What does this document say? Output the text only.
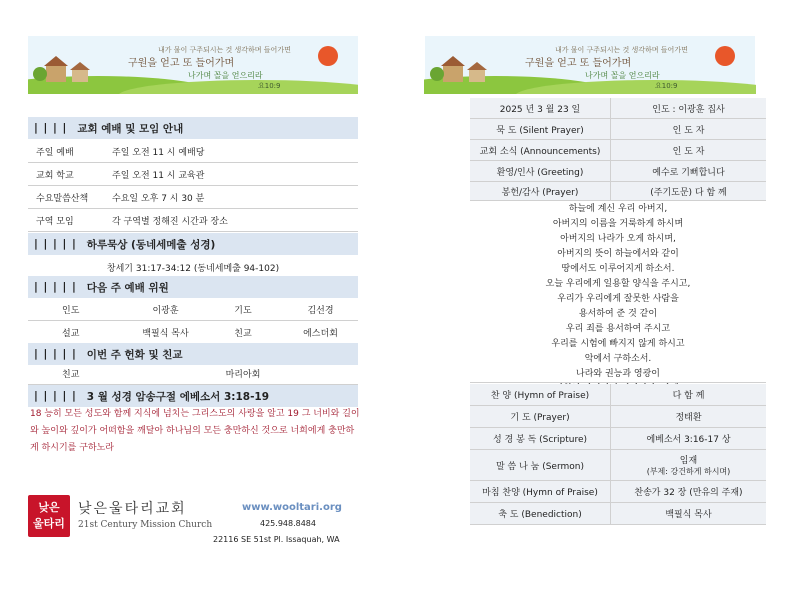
내가 물이 구주되시는 것 생각하며 들어가면
구원을 얻고 또 들어가며
나가며 꼴을 얻으리라
요10:9
내가 물이 구주되시는 것 생각하며 들어가면
구원을 얻고 또 들어가며
나가며 꼴을 얻으리라
요10:9
| | | | 교회 예배 및 모임 안내
주일 예배	주일 오전 11 시 예배당
교회 학교	주일 오전 11 시 교육관
수요말씀산책	수요일 오후 7 시 30 분
구역 모임	각 구역별 정해진 시간과 장소
| | | | | 하루묵상 (동네세메출 성경)
창세기 31:17-34:12 (동네세메출 94-102)
| | | | | 다음 주 예배 위원
인도	이광훈	기도	김선경
설교	백필식 목사	친교	에스더회
| | | | | 이번 주 헌화 및 친교
친교	마리아회
| | | | | 3 월 성경 암송구절 에베소서 3:18-19
18 능히 모든 성도와 함께 지식에 넘치는 그리스도의 사랑을 알고 19 그 너비와 길이와 높이와 깊이가 어떠함을 깨달아 하나님의 모든 충만하신 것으로 너희에게 충만하게 하시기를 구하노라
낮은
울타리
낮은울타리교회
21st Century Mission Church
www.wooltari.org
425.948.8484
22116 SE 51st Pl. Issaquah, WA
2025 년 3 월 23 일	인도 : 이광훈 집사
묵 도 (Silent Prayer)	인 도 자
교회 소식 (Announcements)	인 도 자
환영/인사 (Greeting)	예수로 기뻐합니다
봉헌/감사 (Prayer)	(주기도문) 다 함 께
하늘에 계신 우리 아버지,
아버지의 이름을 거룩하게 하시며
아버지의 나라가 오게 하시며,
아버지의 뜻이 하늘에서와 같이
땅에서도 이루어지게 하소서.
오늘 우리에게 일용할 양식을 주시고,
우리가 우리에게 잘못한 사람을
용서하여 준 것 같이
우리 죄를 용서하여 주시고
우리를 시험에 빠지지 않게 하시고
악에서 구하소서.
나라와 권능과 영광이
찬 양 (Hymn of Praise)	다 함 께
기 도 (Prayer)	정태환
성 경 봉 독 (Scripture)	에베소서 3:16-17 상
말 씀 나 눔 (Sermon)
임재
(부제: 강건하게 하시며)
마침 찬양 (Hymn of Praise)	찬송가 32 장 (만유의 주재)
축 도 (Benediction)	백필식 목사
